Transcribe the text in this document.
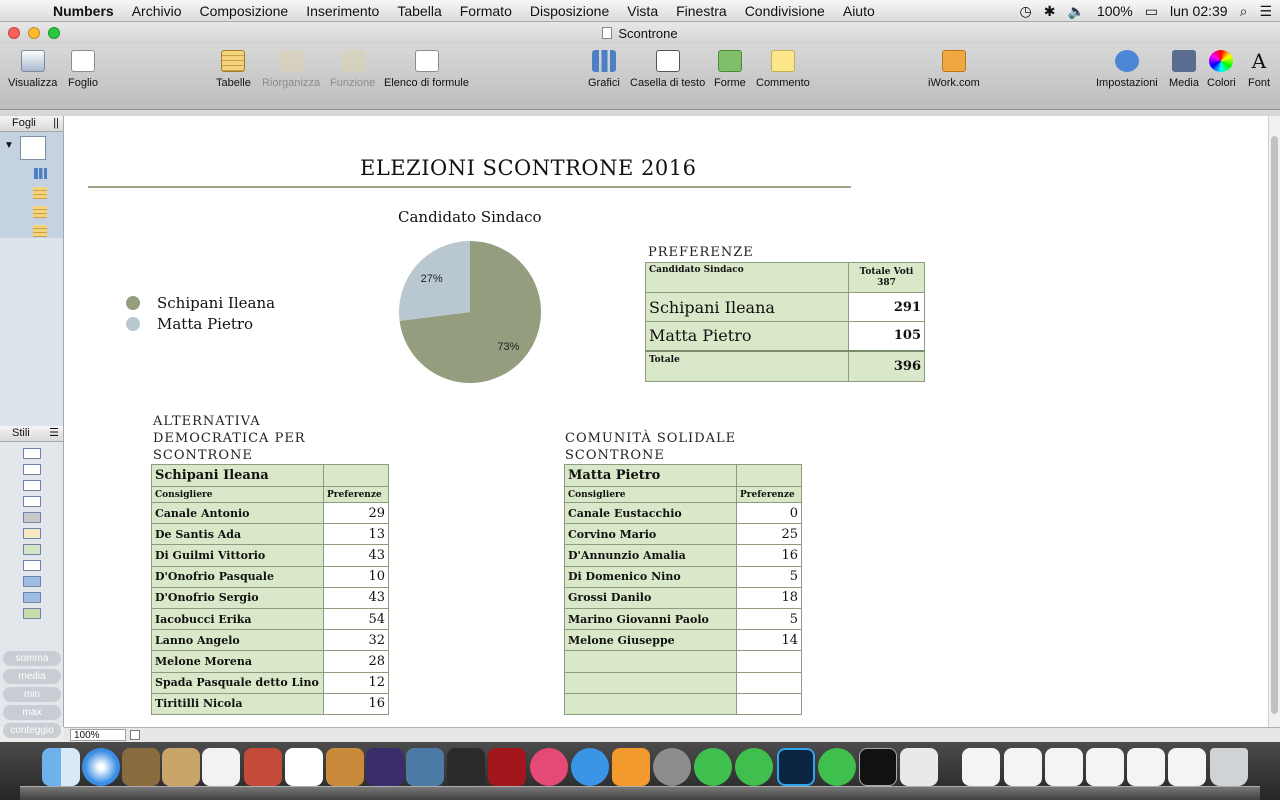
Numbers	Archivio	Composizione	Inserimento	Tabella	Formato	Disposizione	Vista	Finestra	Condivisione	Aiuto	◷ ✱ 🔈 100% ▭ lun 02:39 ⌕ ☰
Scontrone
Visualizza Foglio	Tabelle Riorganizza Funzione Elenco di formule	Grafici Casella di testo Forme Commento	iWork.com	Impostazioni Media Colori
A
Font
Fogli ||
▼
Stili ☰
somma
media
min
max
conteggio
ELEZIONI SCONTRONE 2016
Candidato Sindaco
Schipani Ileana
Matta Pietro
73%
27%
PREFERENZE
Candidato Sindaco	Totale Voti
387
Schipani Ileana	291
Matta Pietro	105
Totale	396
ALTERNATIVA
DEMOCRATICA PER
SCONTRONE
Schipani Ileana	
Consigliere	Preferenze
Canale Antonio	29
De Santis Ada	13
Di Guilmi Vittorio	43
D'Onofrio Pasquale	10
D'Onofrio Sergio	43
Iacobucci Erika	54
Lanno Angelo	32
Melone Morena	28
Spada Pasquale detto Lino	12
Tiritilli Nicola	16
COMUNITÀ SOLIDALE
SCONTRONE
Matta Pietro	
Consigliere	Preferenze
Canale Eustacchio	0
Corvino Mario	25
D'Annunzio Amalia	16
Di Domenico Nino	5
Grossi Danilo	18
Marino Giovanni Paolo	5
Melone Giuseppe	14

100%
